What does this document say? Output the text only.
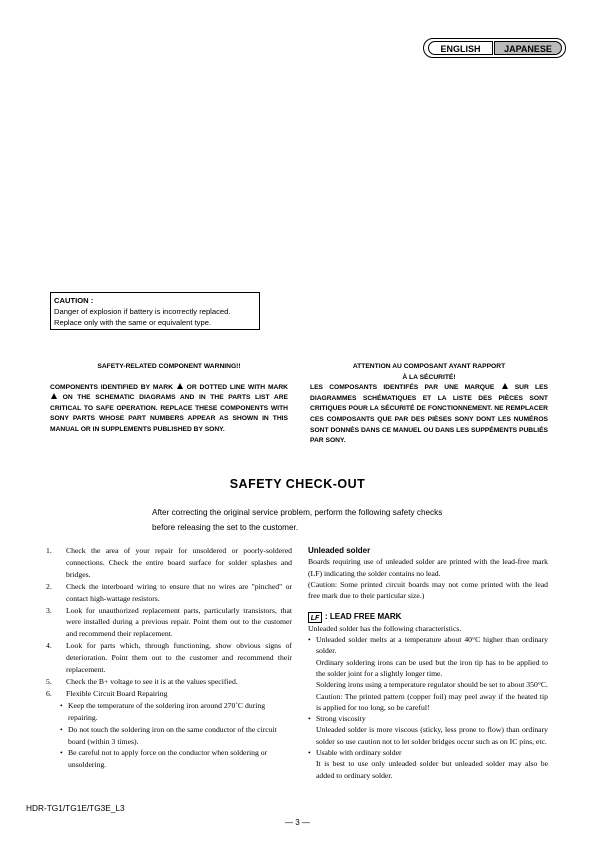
ENGLISH	JAPANESE
CAUTION :
Danger of explosion if battery is incorrectly replaced.
Replace only with the same or equivalent type.
SAFETY-RELATED COMPONENT WARNING!!
COMPONENTS IDENTIFIED BY MARK OR DOTTED LINE WITH MARK  ON THE SCHEMATIC DIAGRAMS AND IN THE PARTS LIST ARE CRITICAL TO SAFE OPERATION. REPLACE THESE COMPONENTS WITH SONY PARTS WHOSE PART NUMBERS APPEAR AS SHOWN IN THIS MANUAL OR IN SUPPLEMENTS PUBLISHED BY SONY.
ATTENTION AU COMPOSANT AYANT RAPPORT
À LA SÉCURITÉ!
LES COMPOSANTS IDENTIFÉS PAR UNE MARQUE	SUR LES DIAGRAMMES SCHÉMATIQUES ET LA LISTE DES PIÈCES SONT CRITIQUES POUR LA SÉCURITÉ DE FONCTIONNEMENT. NE REMPLACER CES COMPOSANTS QUE PAR DES PIÈSES SONY DONT LES NUMÉROS SONT DONNÉS DANS CE MANUEL OU DANS LES SUPPÉMENTS PUBLIÉS PAR SONY.
SAFETY CHECK-OUT
After correcting the original service problem, perform the following safety checks before releasing the set to the customer.
1.	Check the area of your repair for unsoldered or poorly-soldered connections. Check the entire board surface for solder splashes and bridges.
2.	Check the interboard wiring to ensure that no wires are "pinched" or contact high-wattage resistors.
3.	Look for unauthorized replacement parts, particularly transistors, that were installed during a previous repair. Point them out to the customer and recommend their replacement.
4.	Look for parts which, through functioning, show obvious signs of deterioration. Point them out to the customer and recommend their replacement.
5.	Check the B+ voltage to see it is at the values specified.
6.	Flexible Circuit Board Repairing
• Keep the temperature of the soldering iron around 270˚C during repairing.
• Do not touch the soldering iron on the same conductor of the circuit board (within 3 times).
• Be careful not to apply force on the conductor when soldering or unsoldering.
Unleaded solder

Boards requiring use of unleaded solder are printed with the lead-free mark (LF) indicating the solder contains no lead.

(Caution: Some printed circuit boards may not come printed with the lead free mark due to their particular size.)

LF : LEAD FREE MARK

Unleaded solder has the following characteristics.

• Unleaded solder melts at a temperature about 40°C higher than ordinary solder.
Ordinary soldering irons can be used but the iron tip has to be applied to the solder joint for a slightly longer time.
Soldering irons using a temperature regulator should be set to about 350°C.
Caution: The printed pattern (copper foil) may peel away if the heated tip is applied for too long, so be careful!
• Strong viscosity
Unleaded solder is more viscous (sticky, less prone to flow) than ordinary solder so use caution not to let solder bridges occur such as on IC pins, etc.
• Usable with ordinary solder
It is best to use only unleaded solder but unleaded solder may also be added to ordinary solder.
HDR-TG1/TG1E/TG3E_L3
— 3 —
